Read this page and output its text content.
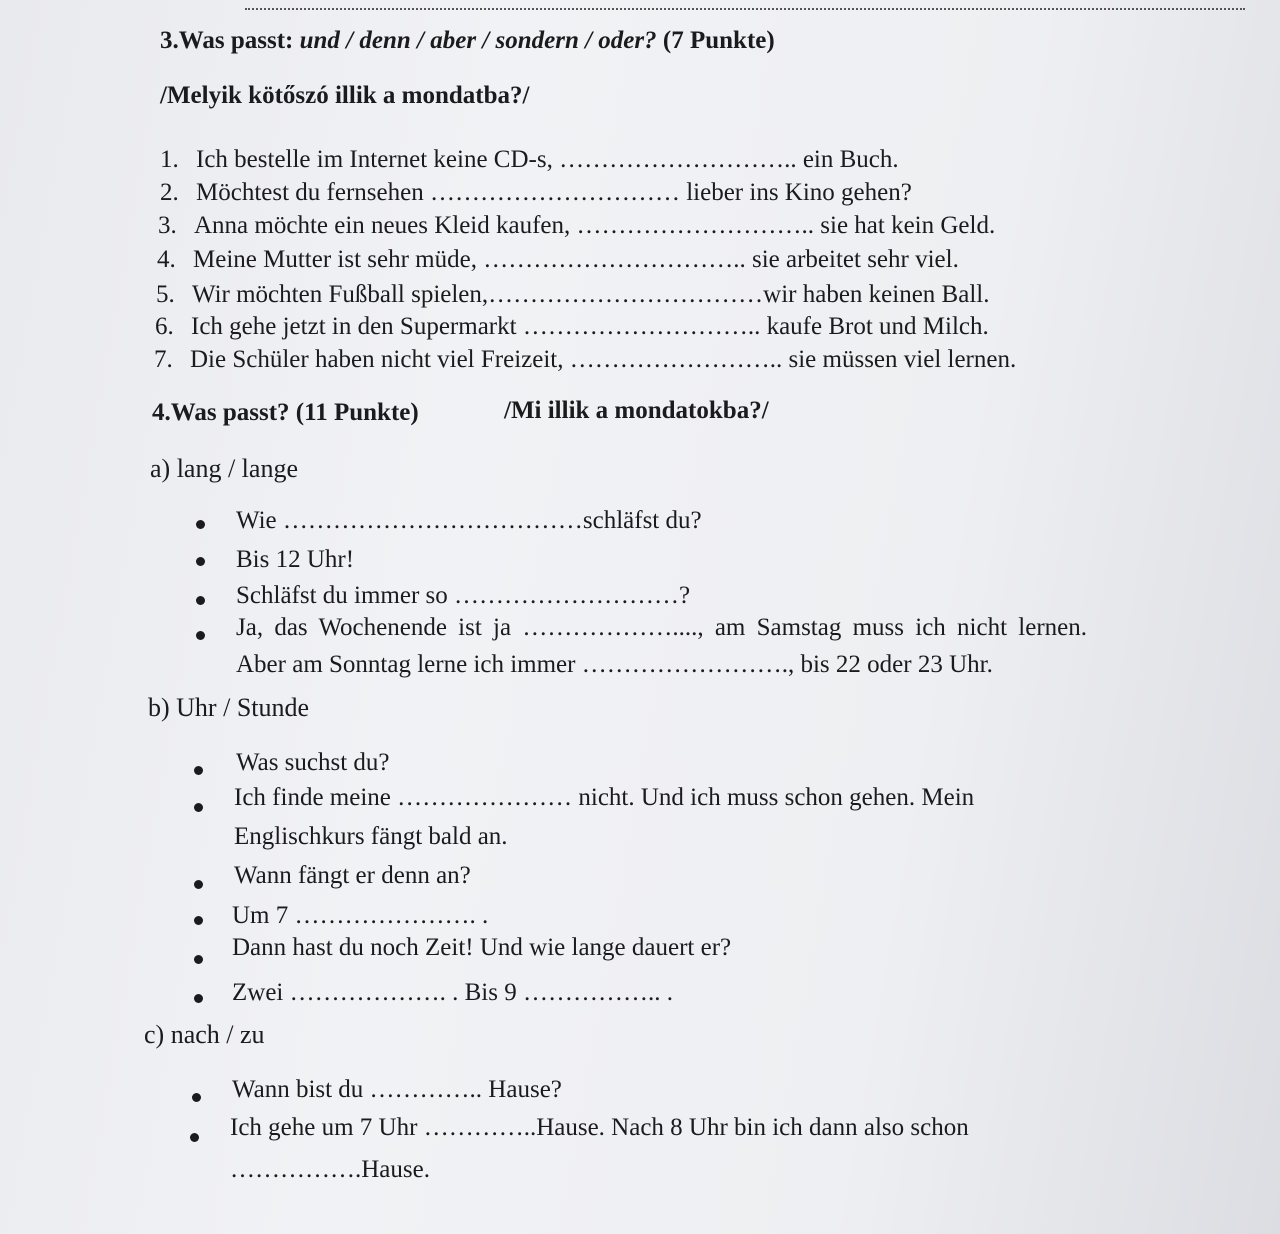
3.Was passt: und / denn / aber / sondern / oder? (7 Punkte)
/Melyik kötőszó illik a mondatba?/
1. Ich bestelle im Internet keine CD-s, ……………………….. ein Buch.
2. Möchtest du fernsehen ………………………… lieber ins Kino gehen?
3. Anna möchte ein neues Kleid kaufen, ……………………….. sie hat kein Geld.
4. Meine Mutter ist sehr müde, ………………………….. sie arbeitet sehr viel.
5. Wir möchten Fußball spielen,……………………………wir haben keinen Ball.
6. Ich gehe jetzt in den Supermarkt ……………………….. kaufe Brot und Milch.
7. Die Schüler haben nicht viel Freizeit, …………………….. sie müssen viel lernen.
4.Was passt? (11 Punkte)	/Mi illik a mondatokba?/
a) lang / lange
Wie ………………………………schläfst du?
Bis 12 Uhr!
Schläfst du immer so ………………………?
Ja, das Wochenende ist ja ………………...., am Samstag muss ich nicht lernen.
Aber am Sonntag lerne ich immer ……………………., bis 22 oder 23 Uhr.
b) Uhr / Stunde
Was suchst du?
Ich finde meine ………………… nicht. Und ich muss schon gehen. Mein
Englischkurs fängt bald an.
Wann fängt er denn an?
Um 7 …………………. .
Dann hast du noch Zeit! Und wie lange dauert er?
Zwei ………………. . Bis 9 …………….. .
c) nach / zu
Wann bist du ………….. Hause?
Ich gehe um 7 Uhr …………..Hause. Nach 8 Uhr bin ich dann also schon
…………….Hause.
